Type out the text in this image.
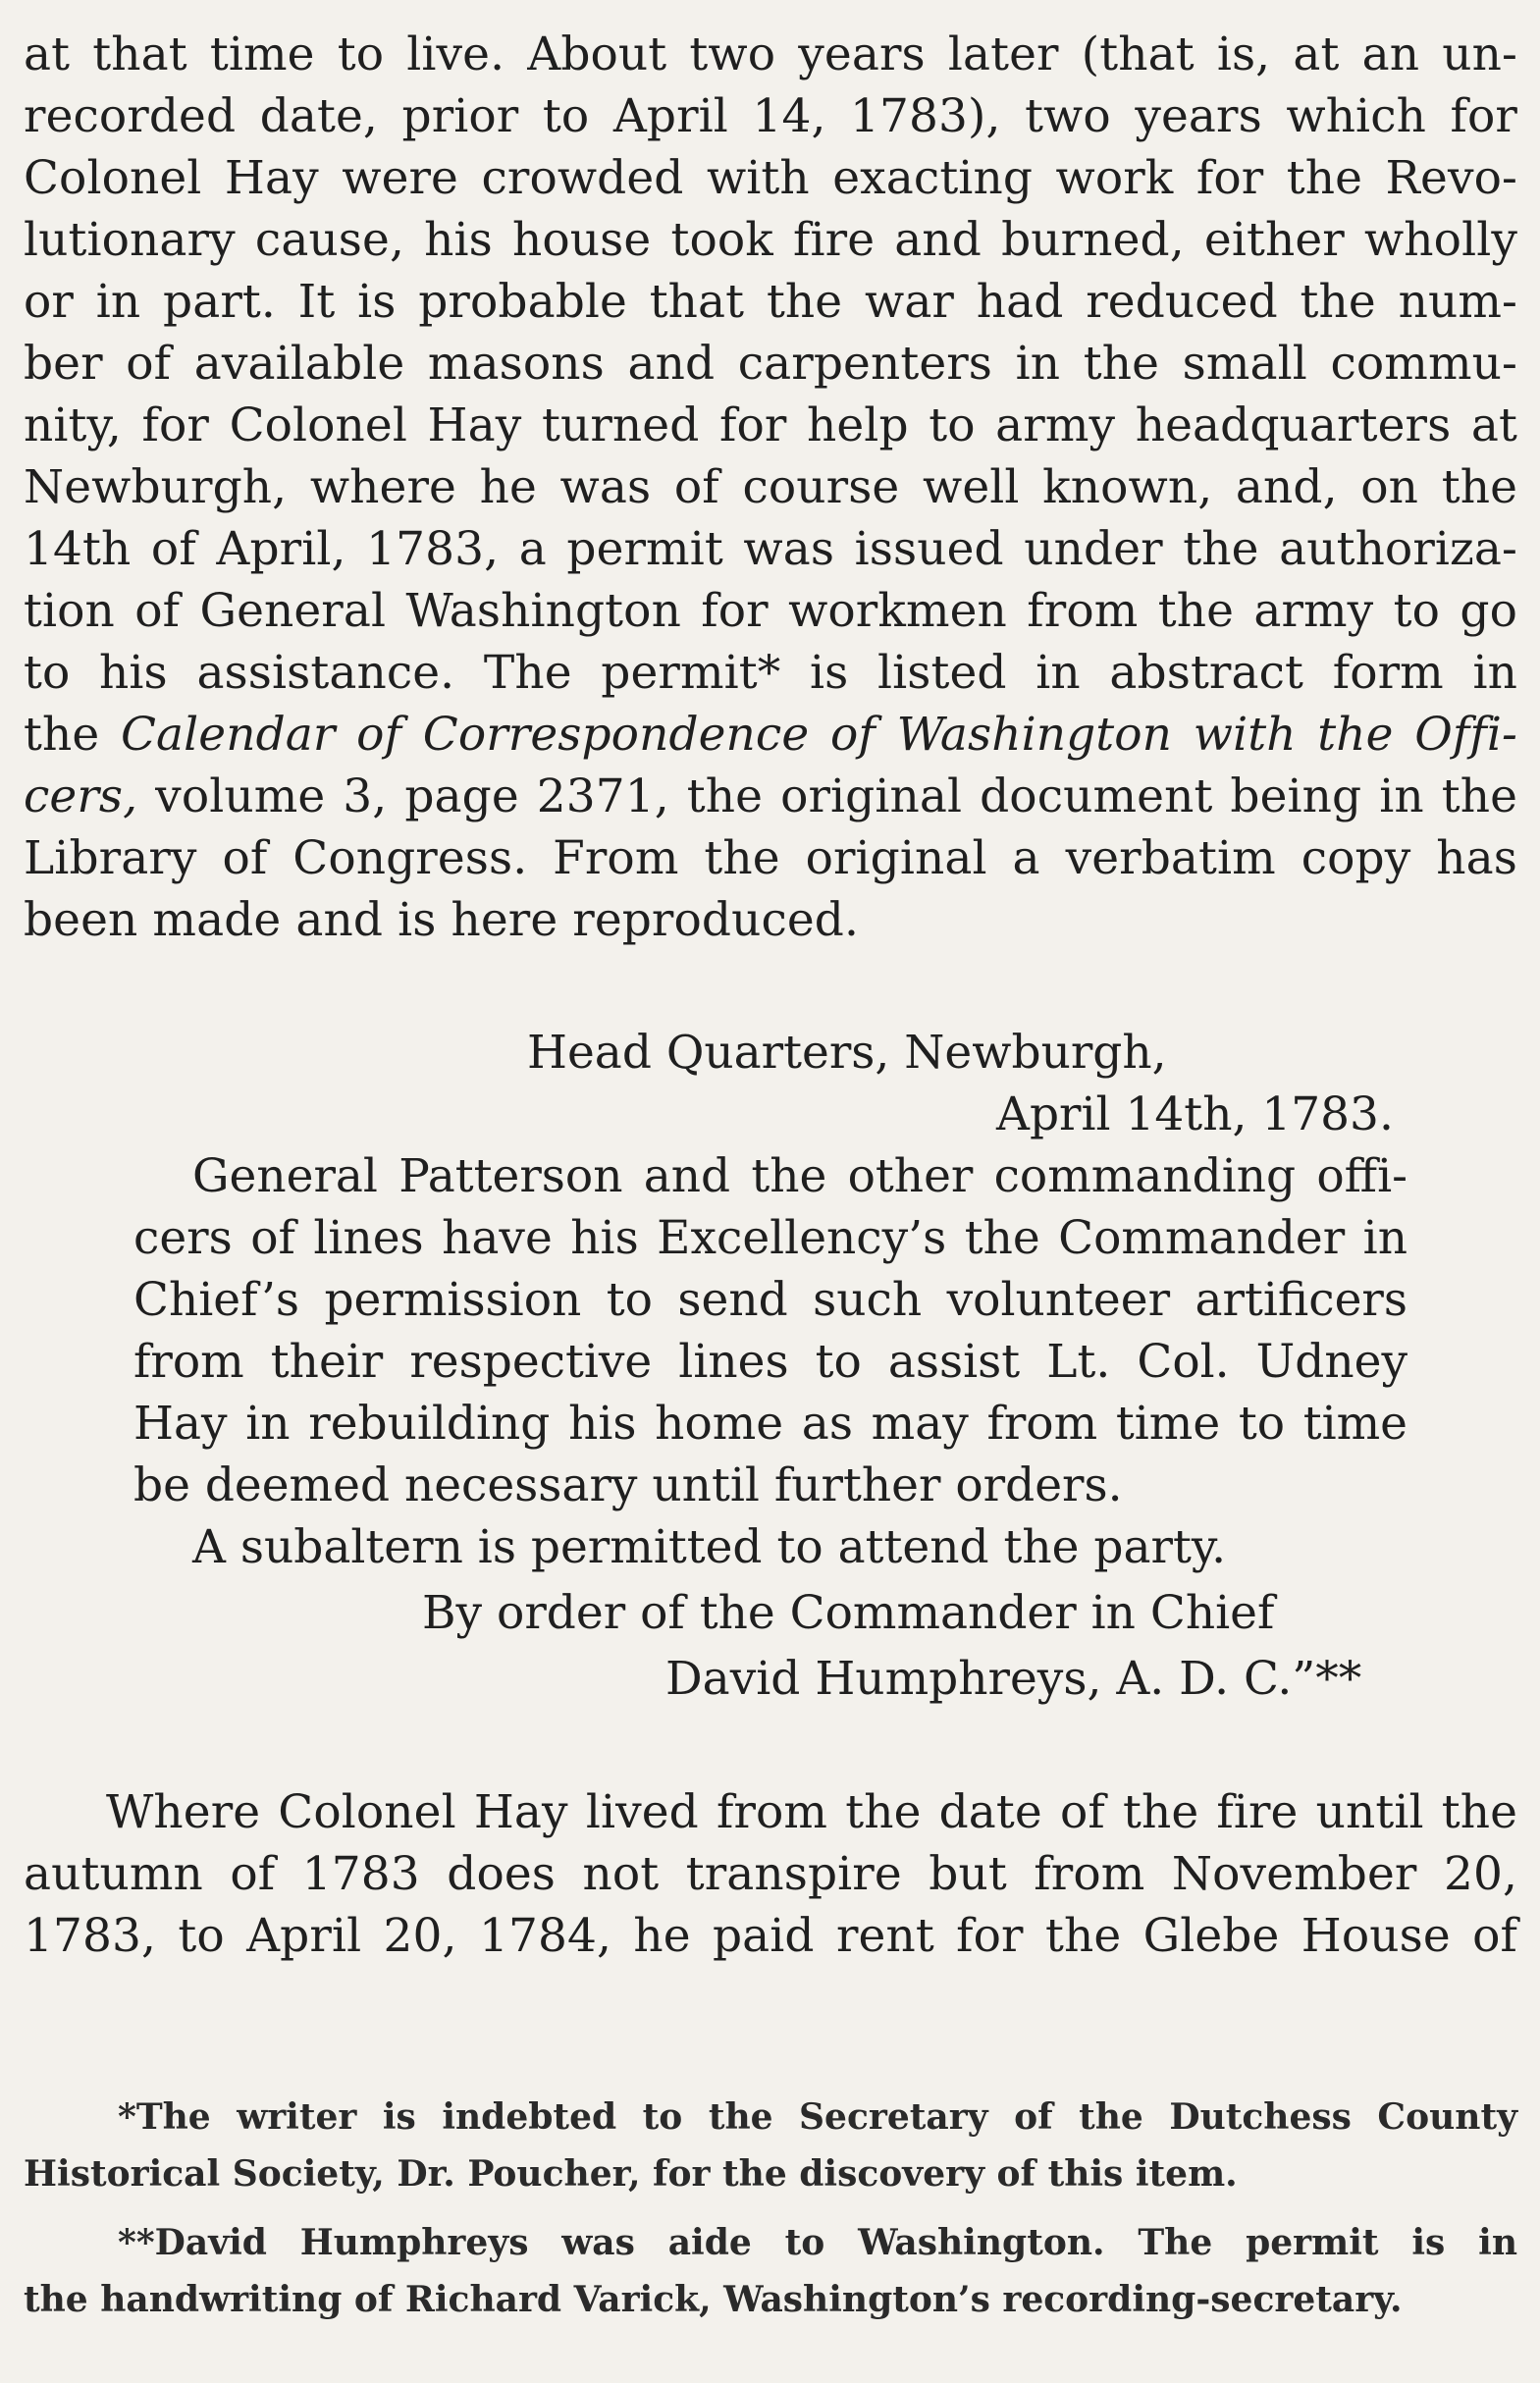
at that time to live. About two years later (that is, at an un-
recorded date, prior to April 14, 1783), two years which for
Colonel Hay were crowded with exacting work for the Revo-
lutionary cause, his house took fire and burned, either wholly
or in part. It is probable that the war had reduced the num-
ber of available masons and carpenters in the small commu-
nity, for Colonel Hay turned for help to army headquarters at
Newburgh, where he was of course well known, and, on the
14th of April, 1783, a permit was issued under the authoriza-
tion of General Washington for workmen from the army to go
to his assistance. The permit* is listed in abstract form in
the Calendar of Correspondence of Washington with the Offi-
cers, volume 3, page 2371, the original document being in the
Library of Congress. From the original a verbatim copy has
been made and is here reproduced.
Head Quarters, Newburgh,
April 14th, 1783.
General Patterson and the other commanding offi-
cers of lines have his Excellency’s the Commander in
Chief’s permission to send such volunteer artificers
from their respective lines to assist Lt. Col. Udney
Hay in rebuilding his home as may from time to time
be deemed necessary until further orders.
A subaltern is permitted to attend the party.
By order of the Commander in Chief
David Humphreys, A. D. C.”**
Where Colonel Hay lived from the date of the fire until the
autumn of 1783 does not transpire but from November 20,
1783, to April 20, 1784, he paid rent for the Glebe House of
*The writer is indebted to the Secretary of the Dutchess County
Historical Society, Dr. Poucher, for the discovery of this item.
**David Humphreys was aide to Washington. The permit is in
the handwriting of Richard Varick, Washington’s recording-secretary.
